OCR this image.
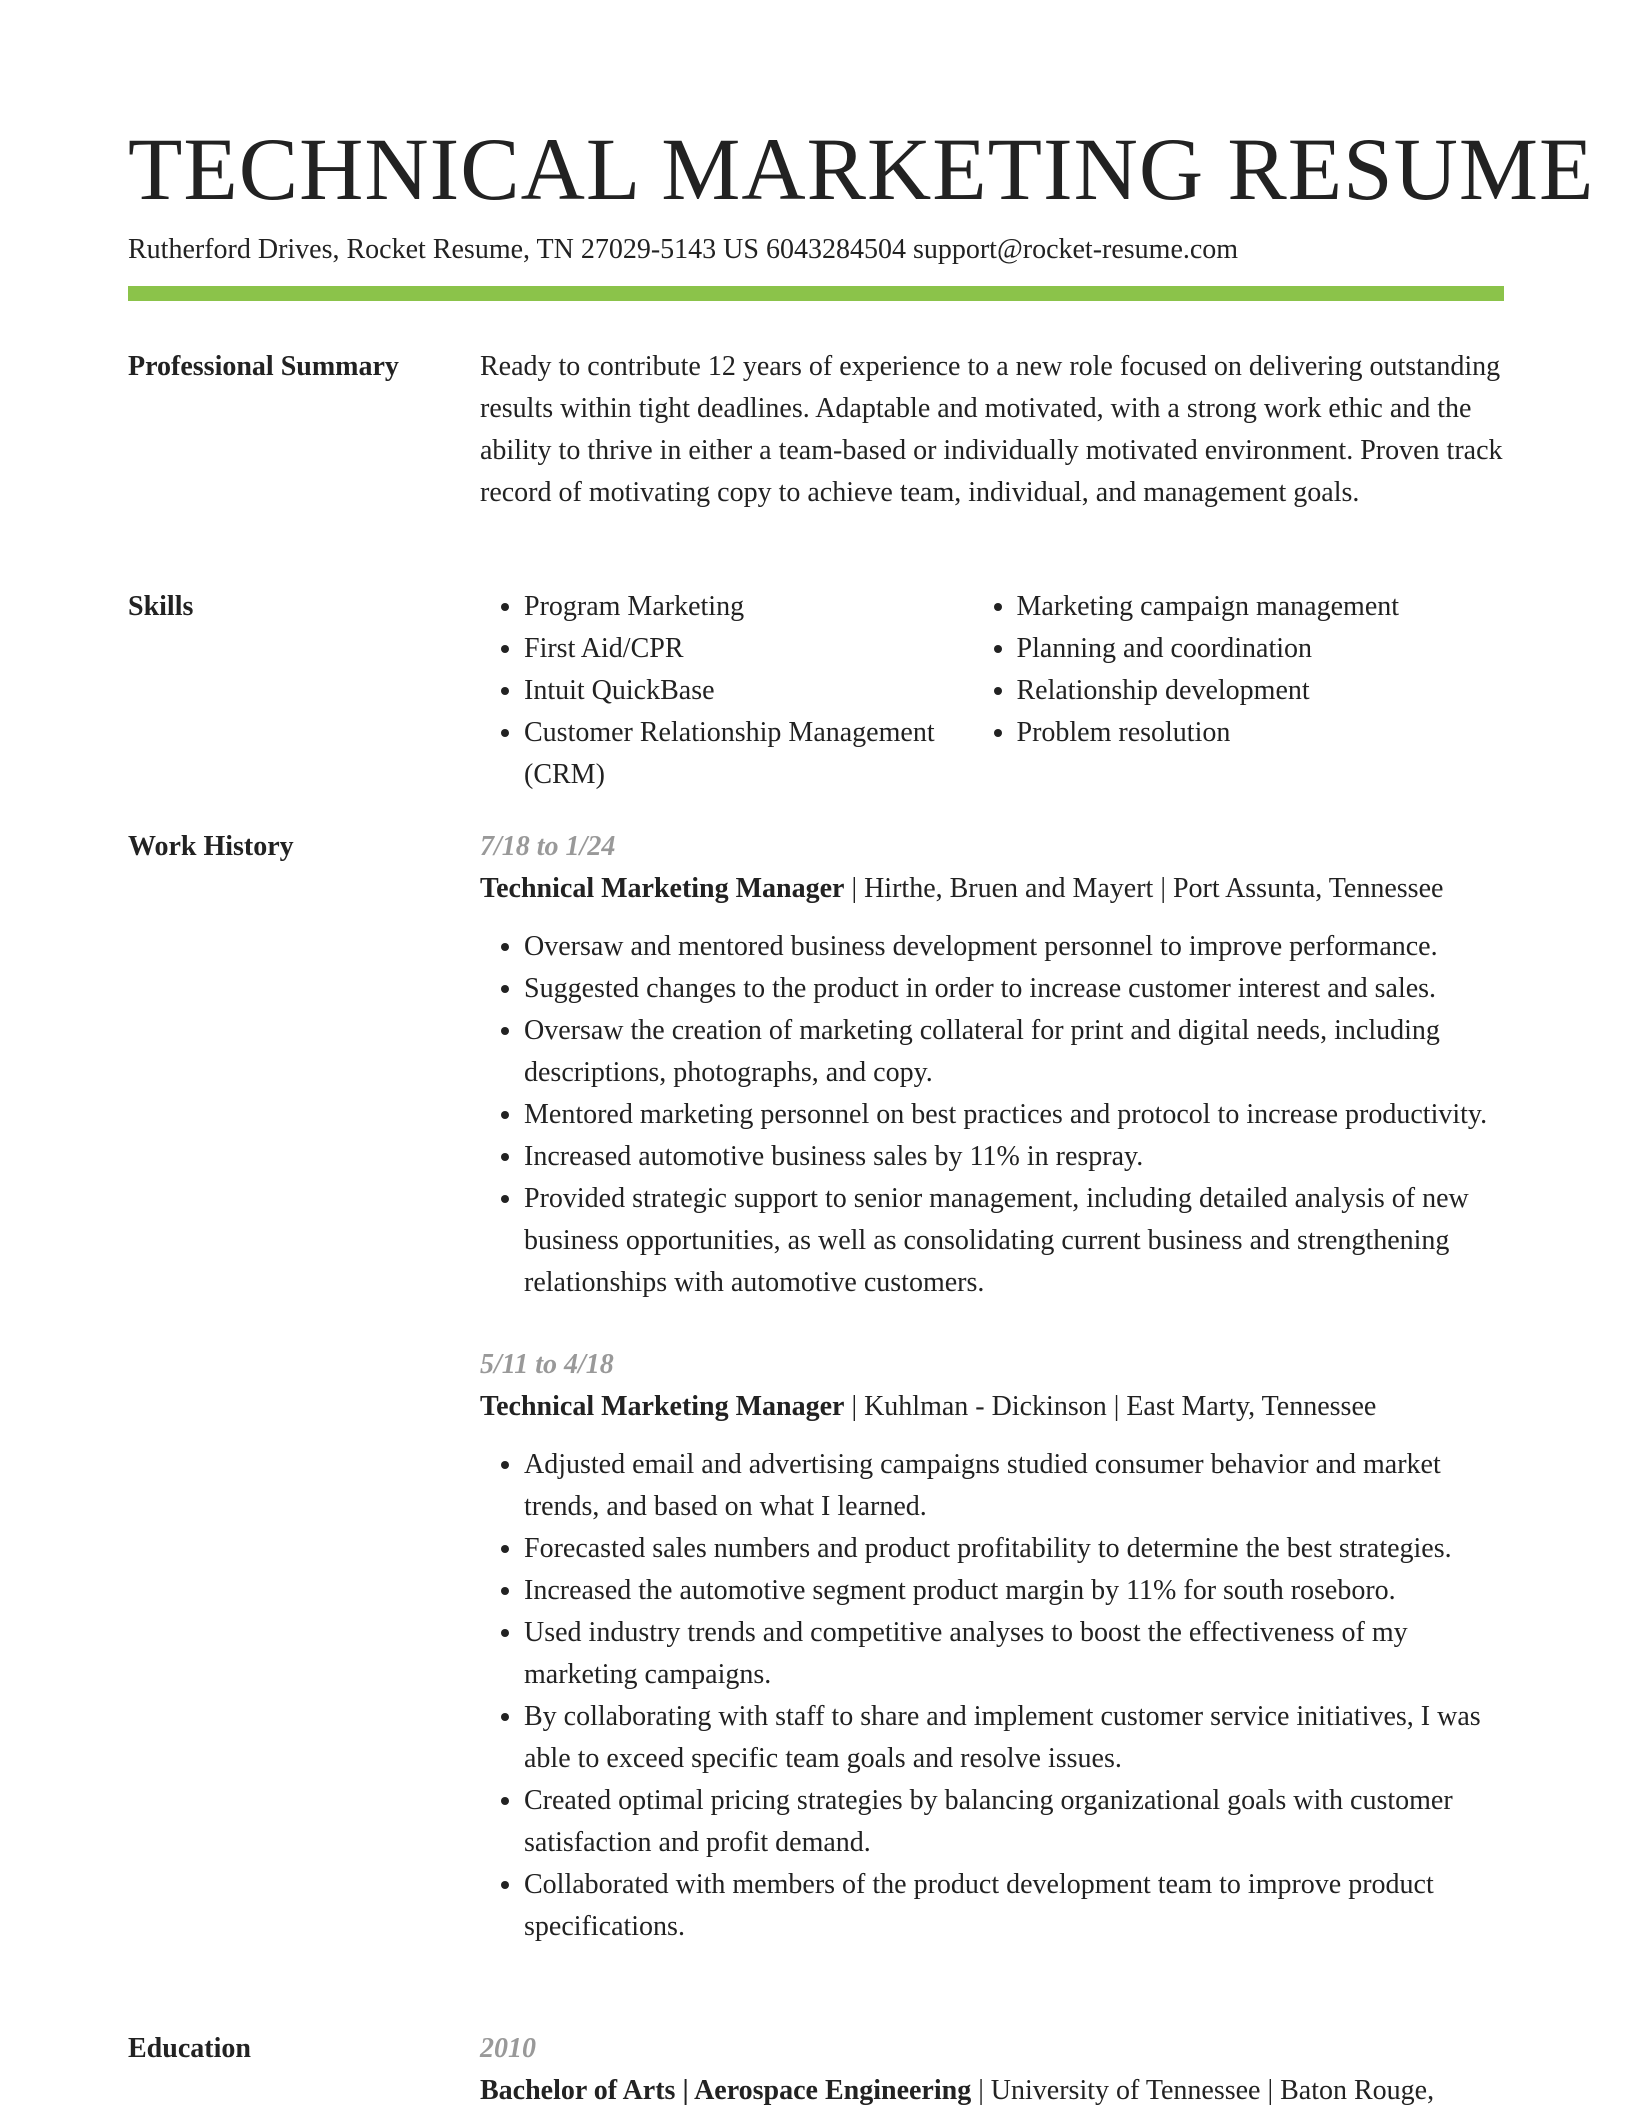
TECHNICAL MARKETING RESUME
Rutherford Drives, Rocket Resume, TN 27029-5143 US 6043284504 support@rocket-resume.com
Professional Summary	Ready to contribute 12 years of experience to a new role focused on delivering outstanding results within tight deadlines. Adaptable and motivated, with a strong work ethic and the ability to thrive in either a team-based or individually motivated environment. Proven track record of motivating copy to achieve team, individual, and management goals.

Skills
•	Program Marketing
• First Aid/CPR
• Intuit QuickBase
• Customer Relationship Management (CRM)
• Marketing campaign management
• Planning and coordination
• Relationship development
• Problem resolution
Work History	7/18 to 1/24

Technical Marketing Manager | Hirthe, Bruen and Mayert | Port Assunta, Tennessee

• Oversaw and mentored business development personnel to improve performance.
• Suggested changes to the product in order to increase customer interest and sales.
• Oversaw the creation of marketing collateral for print and digital needs, including descriptions, photographs, and copy.
• Mentored marketing personnel on best practices and protocol to increase productivity.
• Increased automotive business sales by 11% in respray.
• Provided strategic support to senior management, including detailed analysis of new business opportunities, as well as consolidating current business and strengthening relationships with automotive customers.
5/11 to 4/18

Technical Marketing Manager | Kuhlman - Dickinson | East Marty, Tennessee

• Adjusted email and advertising campaigns studied consumer behavior and market trends, and based on what I learned.
• Forecasted sales numbers and product profitability to determine the best strategies.
• Increased the automotive segment product margin by 11% for south roseboro.
• Used industry trends and competitive analyses to boost the effectiveness of my marketing campaigns.
• By collaborating with staff to share and implement customer service initiatives, I was able to exceed specific team goals and resolve issues.
• Created optimal pricing strategies by balancing organizational goals with customer satisfaction and profit demand.
• Collaborated with members of the product development team to improve product specifications.
Education	2010

Bachelor of Arts | Aerospace Engineering | University of Tennessee | Baton Rouge,
